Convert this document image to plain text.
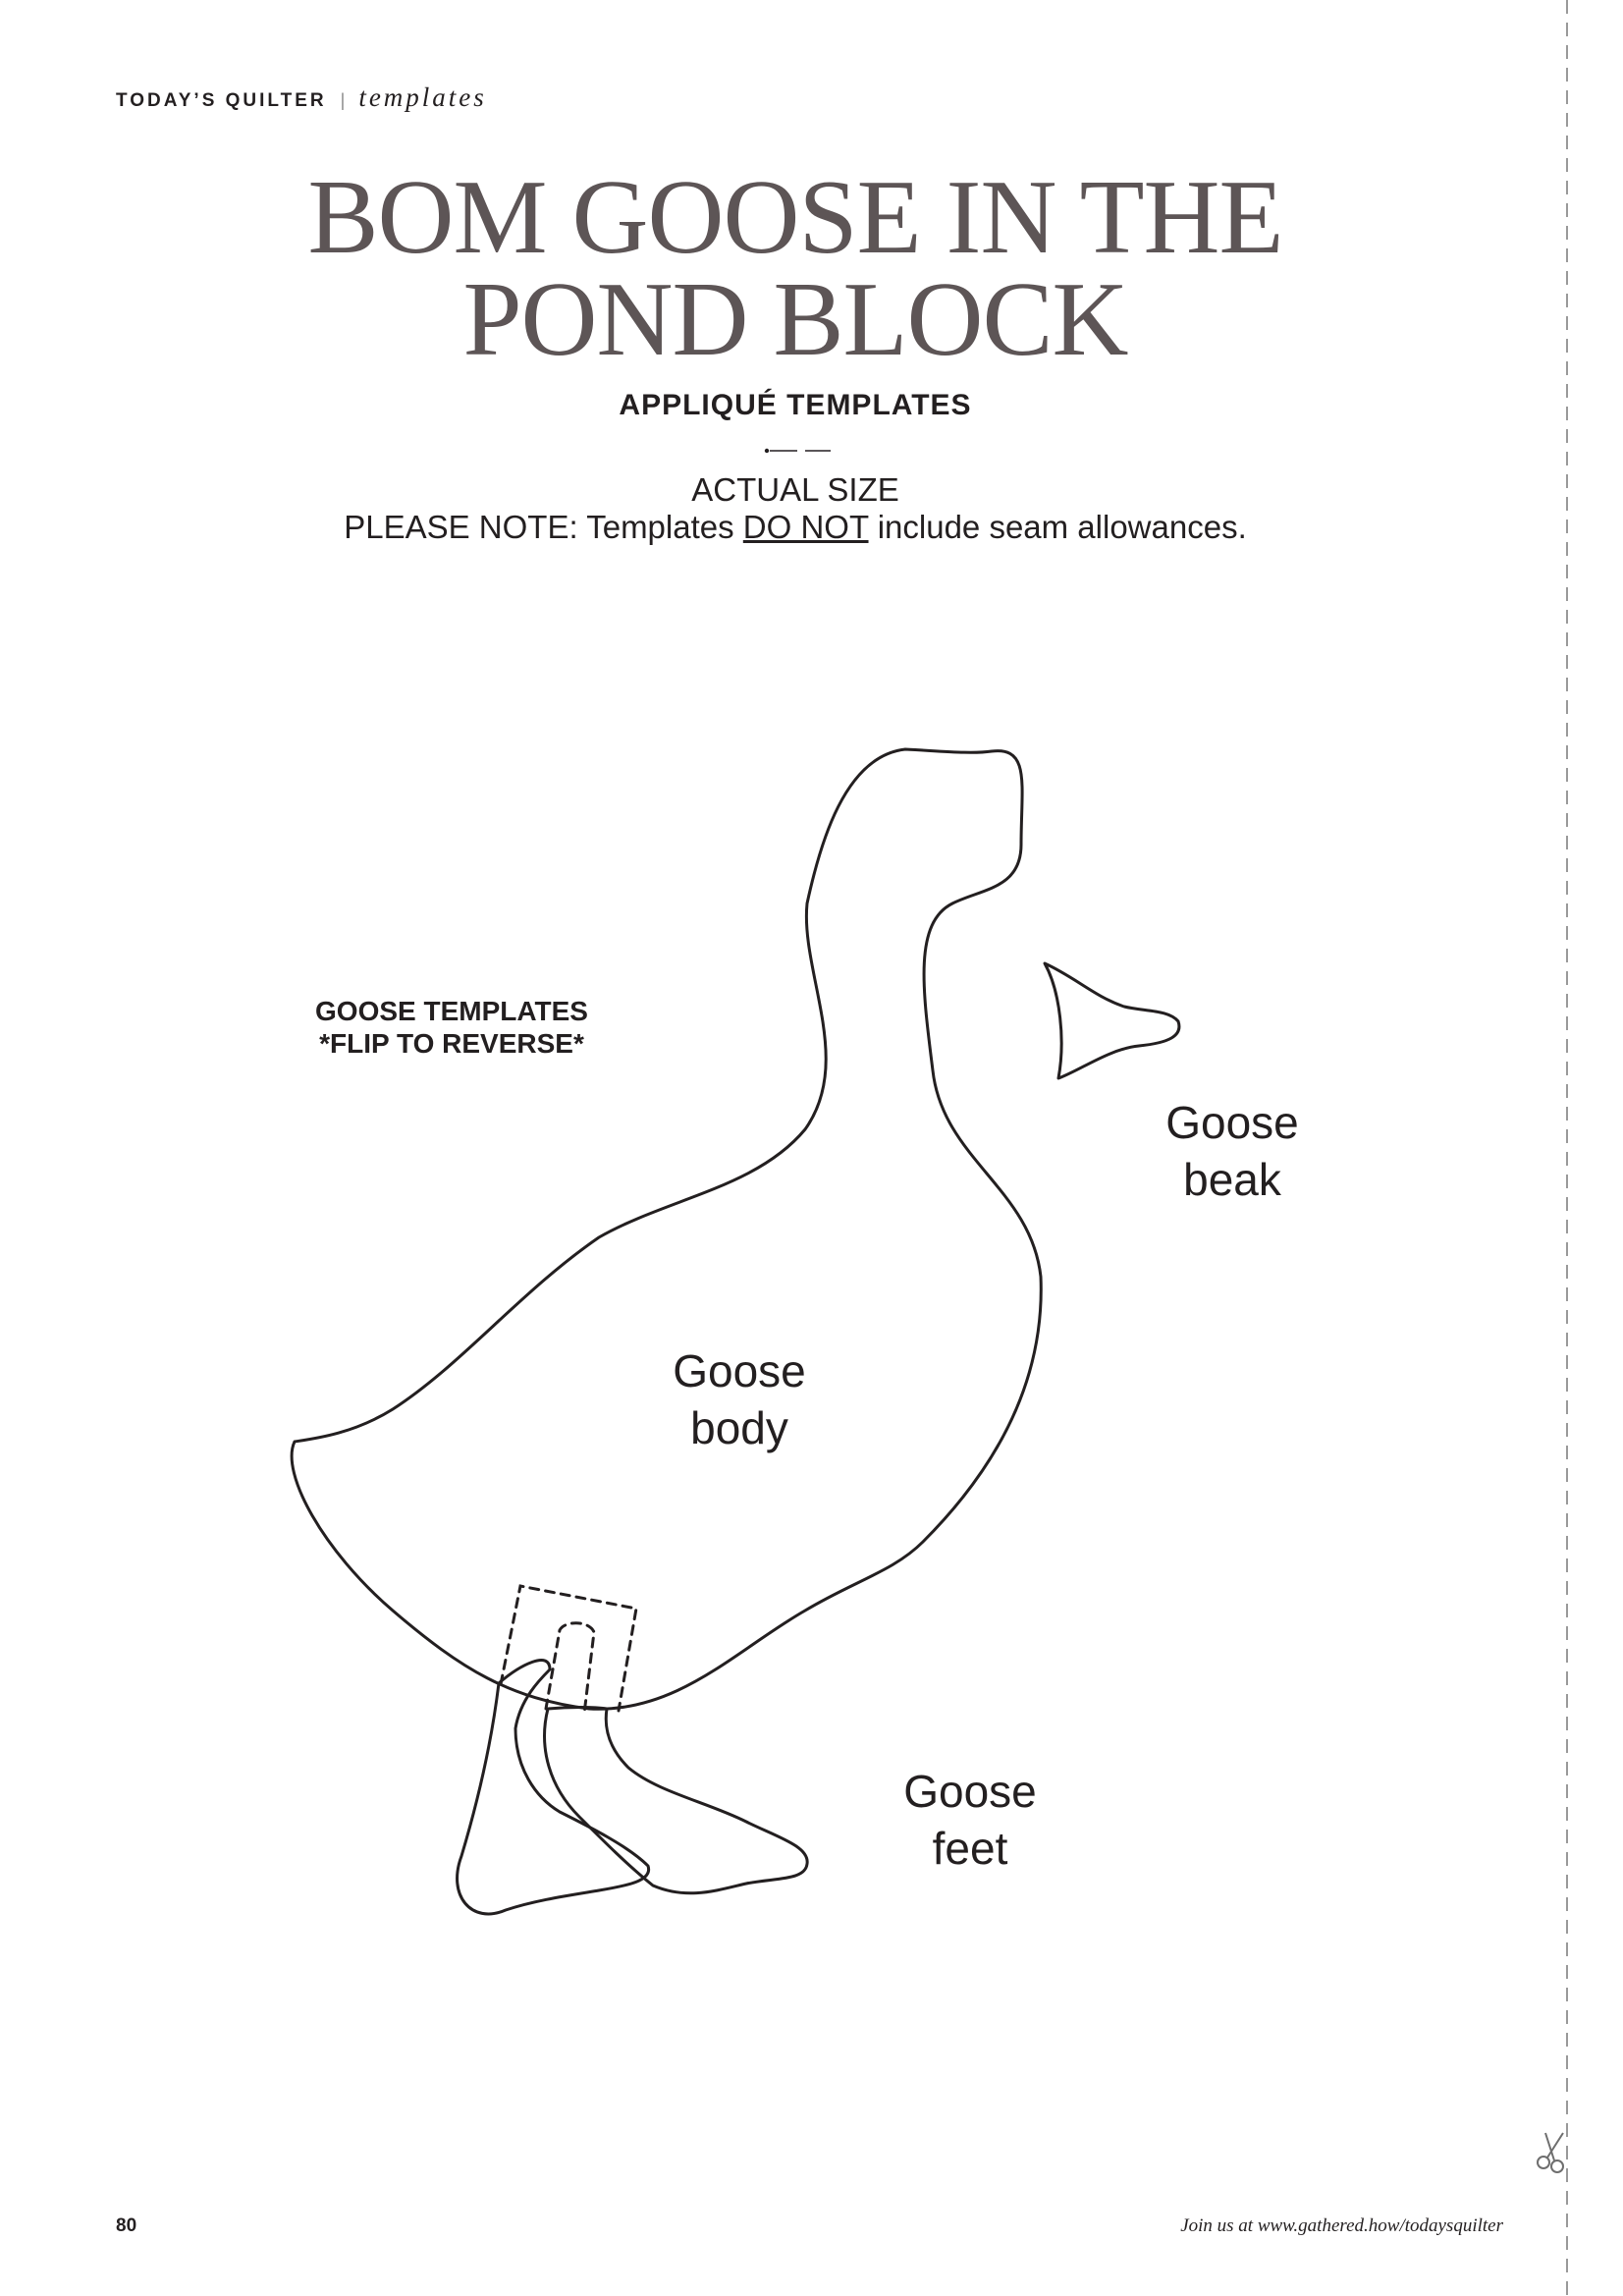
TODAY’S QUILTER | templates
BOM GOOSE IN THE
POND BLOCK
APPLIQUÉ TEMPLATES
ACTUAL SIZE
PLEASE NOTE: Templates DO NOT include seam allowances.
GOOSE TEMPLATES
*FLIP TO REVERSE*
Goose
beak
Goose
body
Goose
feet
80	Join us at www.gathered.how/todaysquilter
